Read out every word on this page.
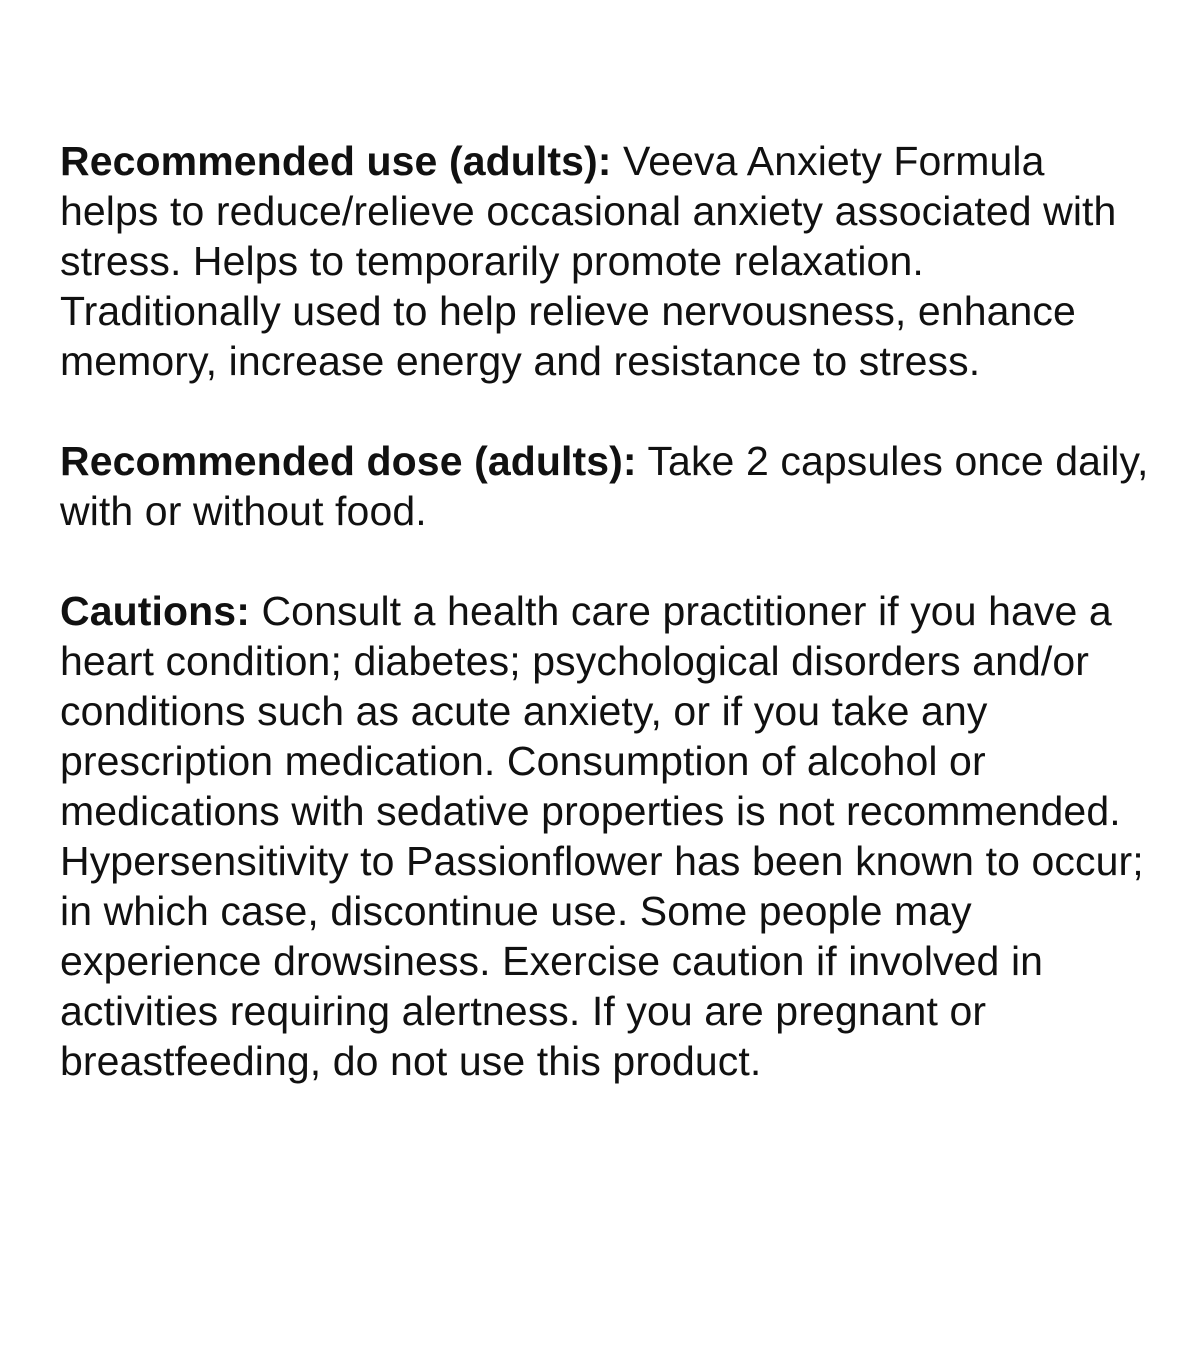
Recommended use (adults): Veeva Anxiety Formula helps to reduce/relieve occasional anxiety associated with stress. Helps to temporarily promote relaxation. Traditionally used to help relieve nervousness, enhance memory, increase energy and resistance to stress.

Recommended dose (adults): Take 2 capsules once daily, with or without food.

Cautions: Consult a health care practitioner if you have a heart condition; diabetes; psychological disorders and/or conditions such as acute anxiety, or if you take any prescription medication. Consumption of alcohol or medications with sedative properties is not recommended. Hypersensitivity to Passionflower has been known to occur; in which case, discontinue use. Some people may experience drowsiness. Exercise caution if involved in activities requiring alertness. If you are pregnant or breastfeeding, do not use this product.
